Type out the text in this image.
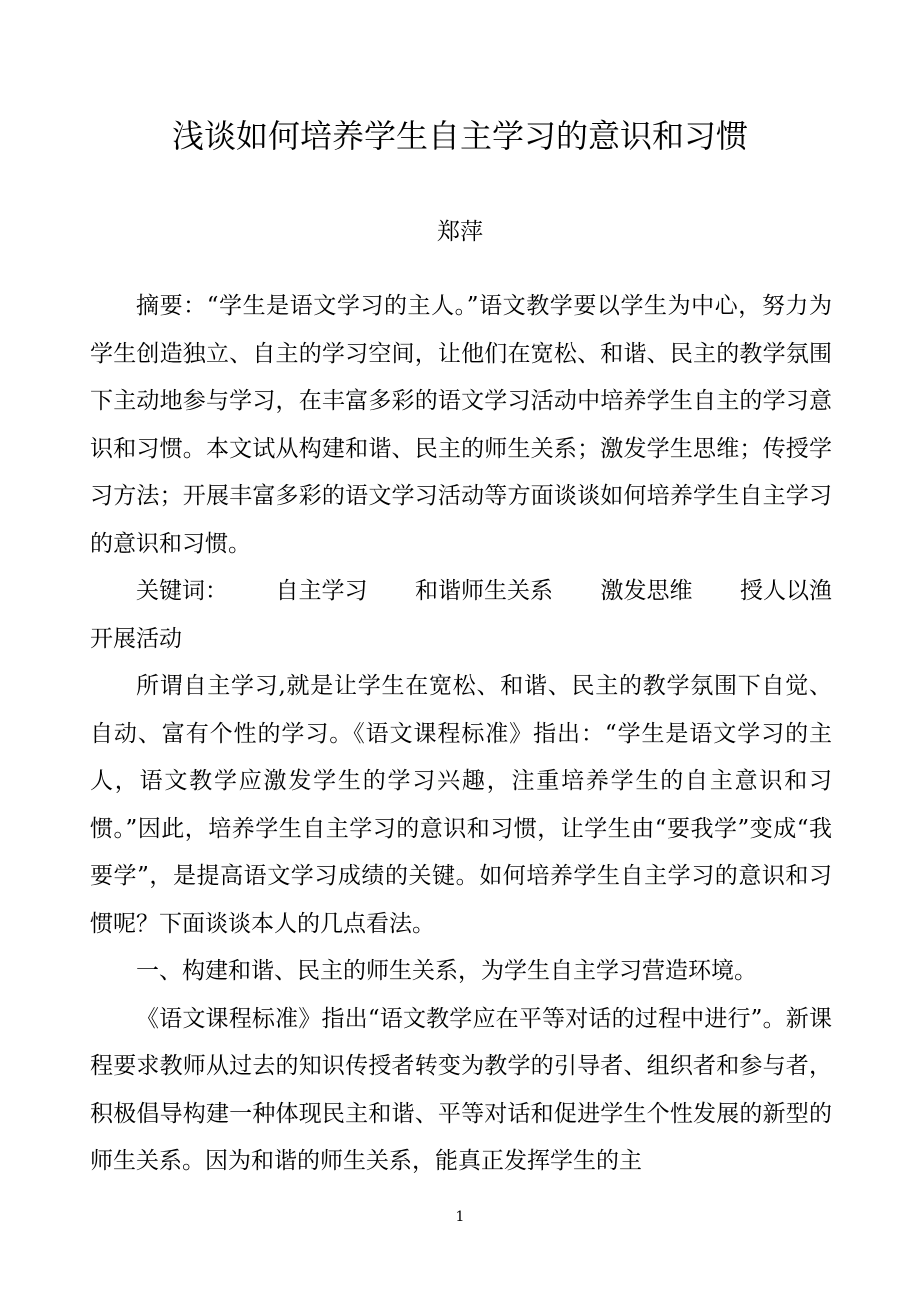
浅谈如何培养学生自主学习的意识和习惯
郑萍

摘要：“学生是语文学习的主人。”语文教学要以学生为中心，努力为学生创造独立、自主的学习空间，让他们在宽松、和谐、民主的教学氛围下主动地参与学习，在丰富多彩的语文学习活动中培养学生自主的学习意识和习惯。本文试从构建和谐、民主的师生关系；激发学生思维；传授学习方法；开展丰富多彩的语文学习活动等方面谈谈如何培养学生自主学习的意识和习惯。

关键词： 自主学习 和谐师生关系 激发思维 授人以渔
开展活动

所谓自主学习,就是让学生在宽松、和谐、民主的教学氛围下自觉、自动、富有个性的学习。《语文课程标准》指出：“学生是语文学习的主人，语文教学应激发学生的学习兴趣，注重培养学生的自主意识和习惯。”因此，培养学生自主学习的意识和习惯，让学生由“要我学”变成“我要学”，是提高语文学习成绩的关键。如何培养学生自主学习的意识和习惯呢？下面谈谈本人的几点看法。

一、构建和谐、民主的师生关系，为学生自主学习营造环境。

《语文课程标准》指出“语文教学应在平等对话的过程中进行”。新课程要求教师从过去的知识传授者转变为教学的引导者、组织者和参与者，积极倡导构建一种体现民主和谐、平等对话和促进学生个性发展的新型的师生关系。因为和谐的师生关系，能真正发挥学生的主

1
